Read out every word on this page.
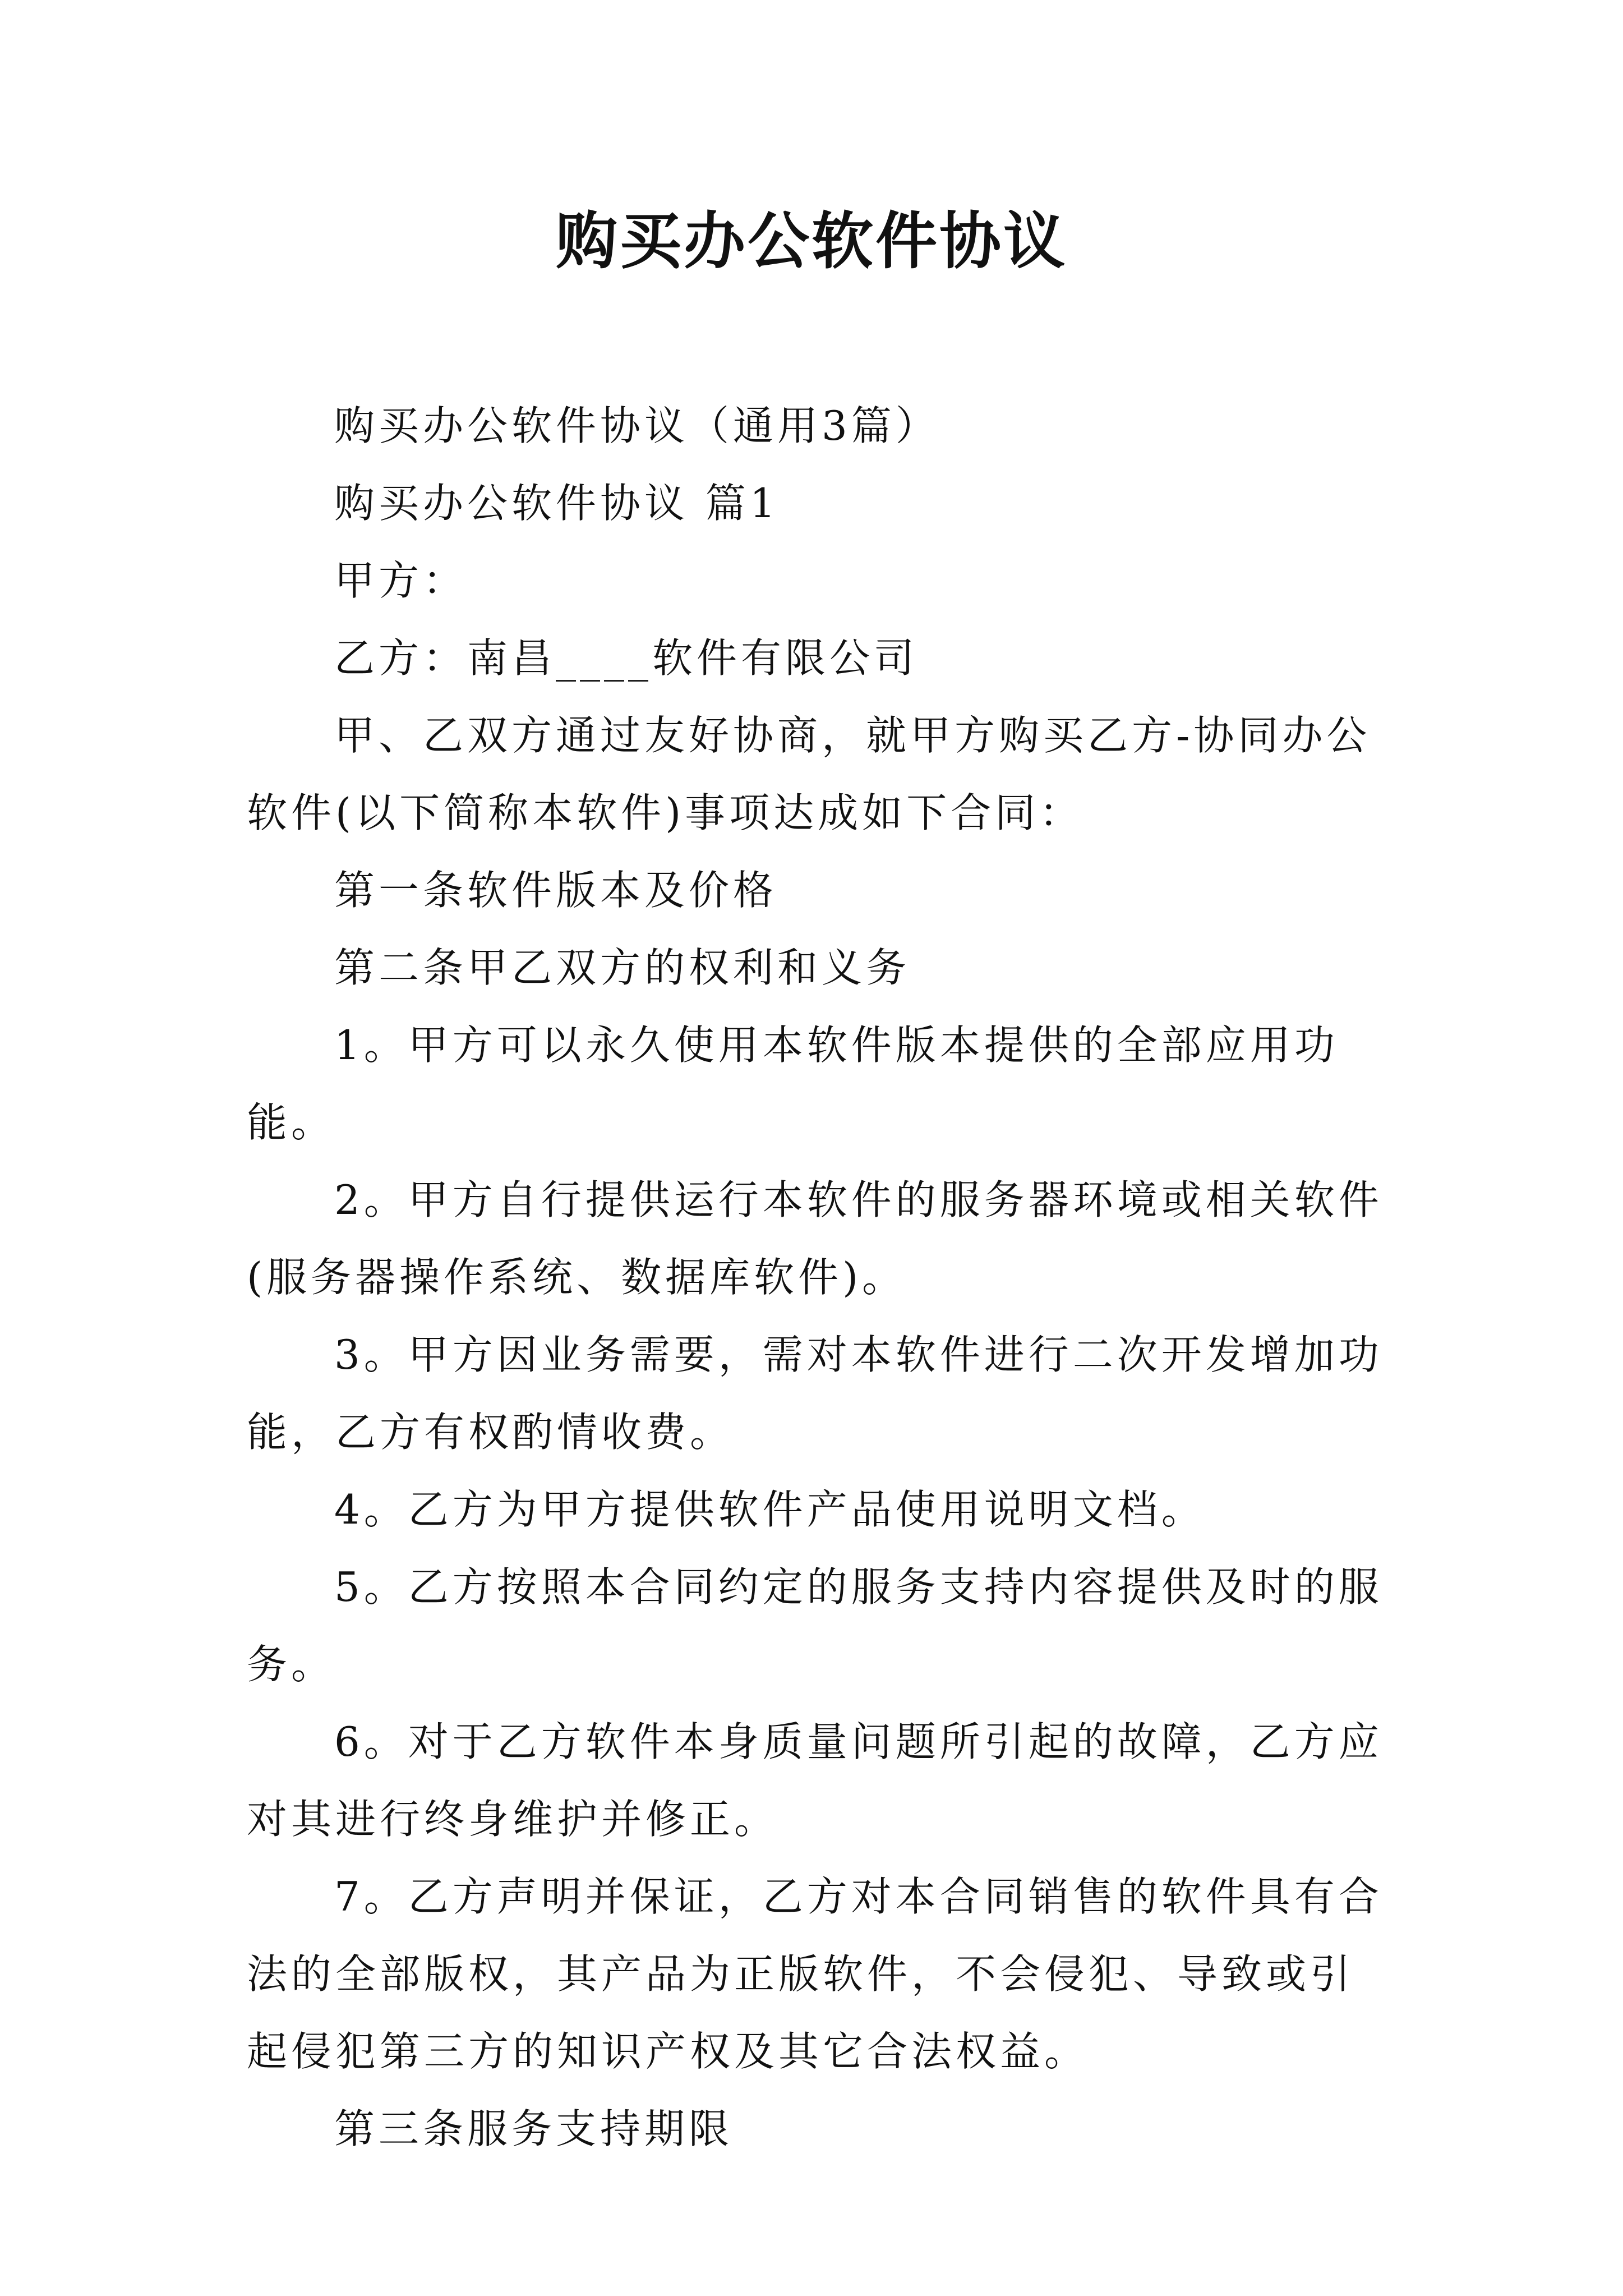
购买办公软件协议

购买办公软件协议（通用3篇）

购买办公软件协议 篇1

甲方：

乙方：南昌____软件有限公司

甲、乙双方通过友好协商，就甲方购买乙方-协同办公软件(以下简称本软件)事项达成如下合同：

第一条软件版本及价格

第二条甲乙双方的权利和义务

1。甲方可以永久使用本软件版本提供的全部应用功能。

2。甲方自行提供运行本软件的服务器环境或相关软件(服务器操作系统、数据库软件)。

3。甲方因业务需要，需对本软件进行二次开发增加功能，乙方有权酌情收费。

4。乙方为甲方提供软件产品使用说明文档。

5。乙方按照本合同约定的服务支持内容提供及时的服务。

6。对于乙方软件本身质量问题所引起的故障，乙方应对其进行终身维护并修正。

7。乙方声明并保证，乙方对本合同销售的软件具有合法的全部版权，其产品为正版软件，不会侵犯、导致或引起侵犯第三方的知识产权及其它合法权益。

第三条服务支持期限
